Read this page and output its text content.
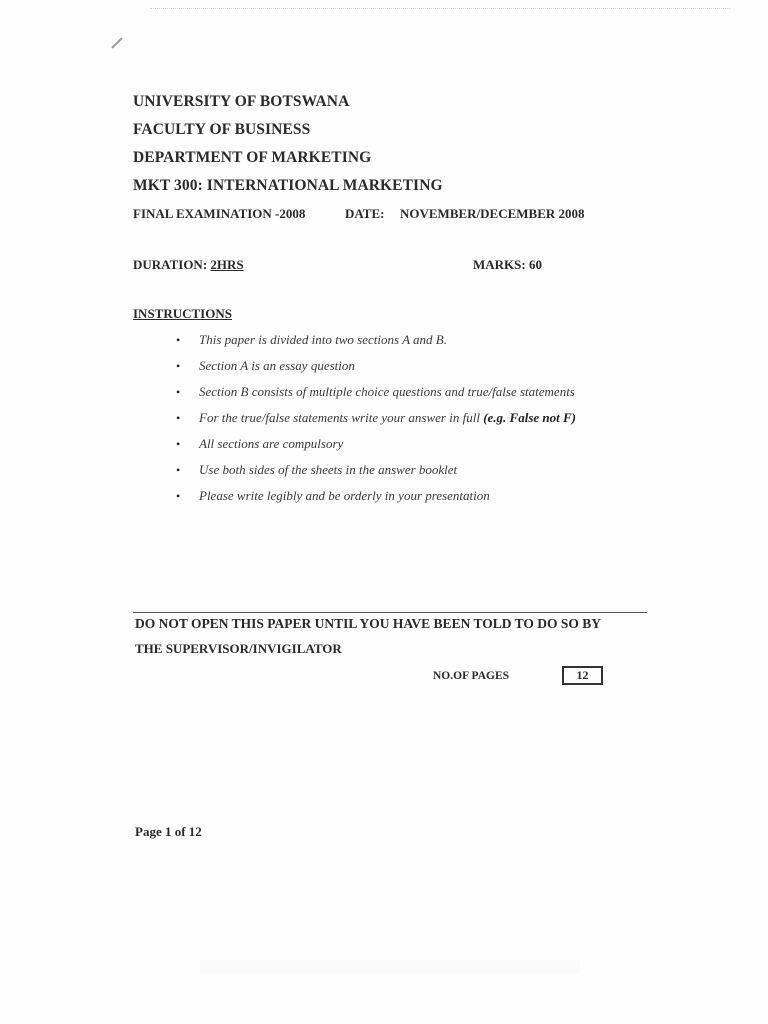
UNIVERSITY OF BOTSWANA
FACULTY OF BUSINESS
DEPARTMENT OF MARKETING
MKT 300: INTERNATIONAL MARKETING
FINAL EXAMINATION -2008	DATE: NOVEMBER/DECEMBER 2008
DURATION: 2HRS	MARKS: 60
INSTRUCTIONS
• This paper is divided into two sections A and B.
• Section A is an essay question
• Section B consists of multiple choice questions and true/false statements
• For the true/false statements write your answer in full (e.g. False not F)
• All sections are compulsory
• Use both sides of the sheets in the answer booklet
• Please write legibly and be orderly in your presentation
DO NOT OPEN THIS PAPER UNTIL YOU HAVE BEEN TOLD TO DO SO BY
THE SUPERVISOR/INVIGILATOR
NO.OF PAGES	12
Page 1 of 12
